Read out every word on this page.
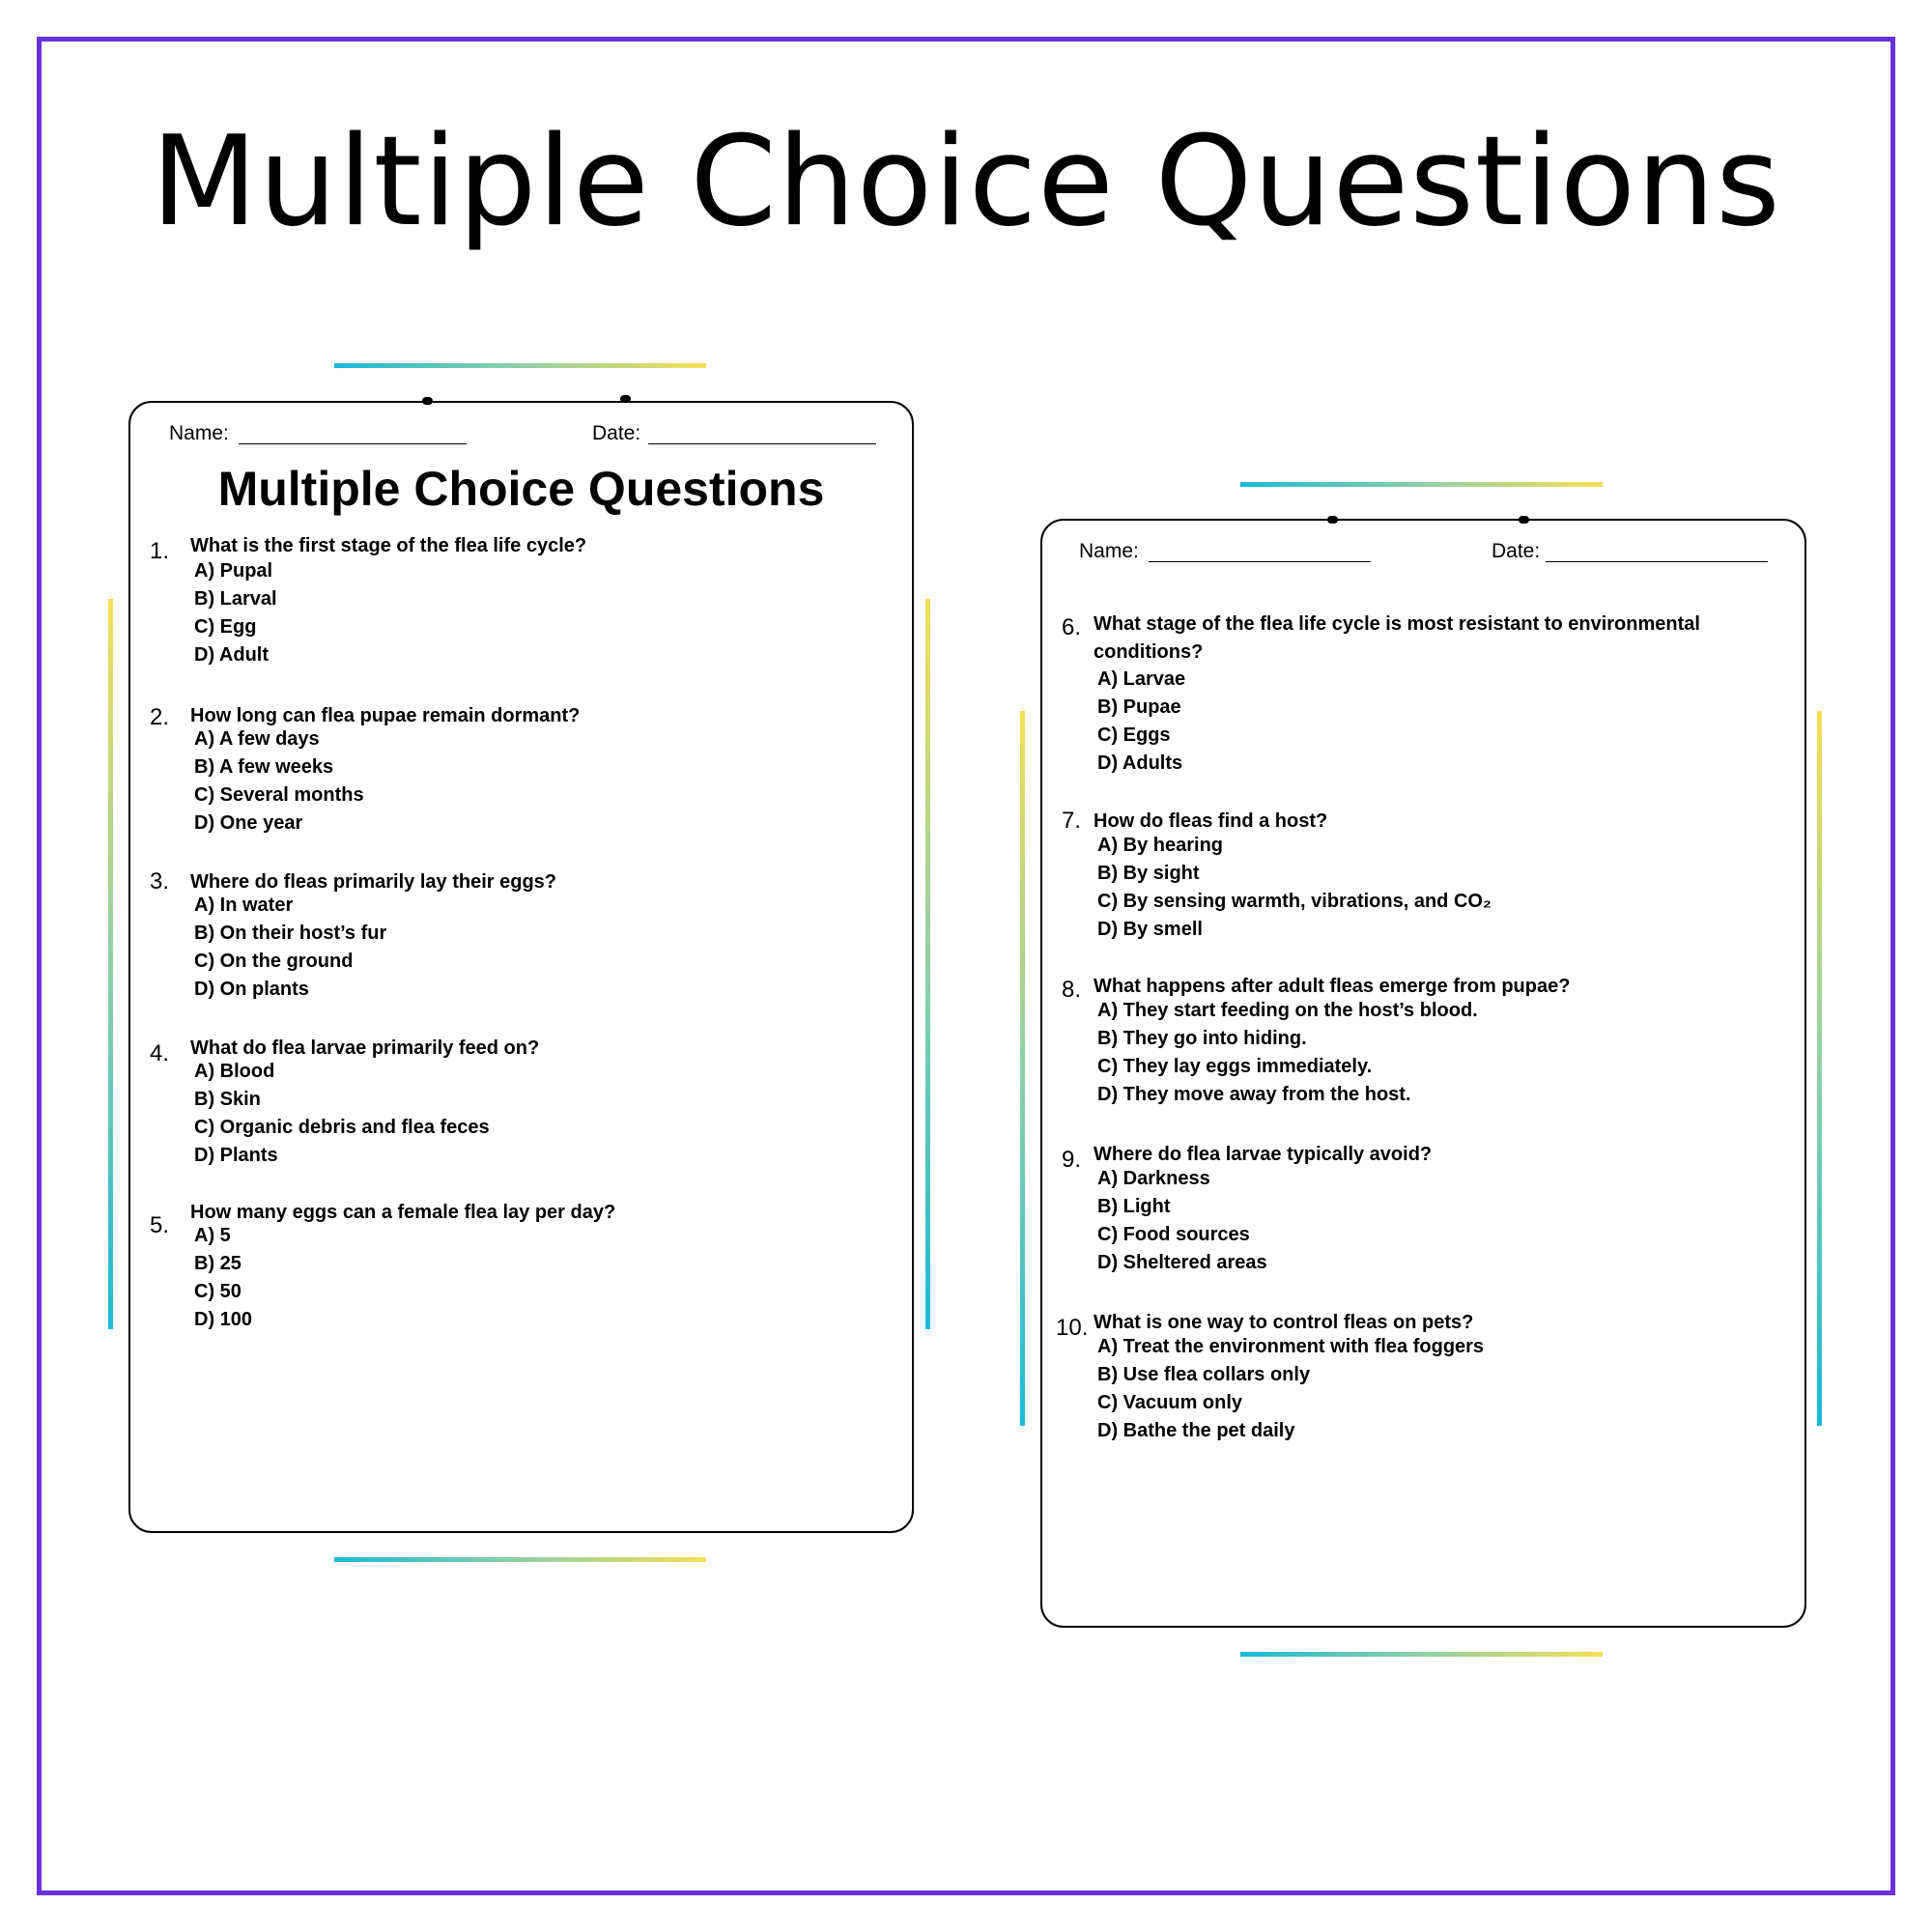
Multiple Choice Questions
Name:	Date:
Multiple Choice Questions
1. What is the first stage of the flea life cycle?
A) Pupal
B) Larval
C) Egg
D) Adult
2. How long can flea pupae remain dormant?
A) A few days
B) A few weeks
C) Several months
D) One year
3. Where do fleas primarily lay their eggs?
A) In water
B) On their host’s fur
C) On the ground
D) On plants
4. What do flea larvae primarily feed on?
A) Blood
B) Skin
C) Organic debris and flea feces
D) Plants
5. How many eggs can a female flea lay per day?
A) 5
B) 25
C) 50
D) 100
Name:	Date:
6. What stage of the flea life cycle is most resistant to environmental
conditions?
A) Larvae
B) Pupae
C) Eggs
D) Adults
7. How do fleas find a host?
A) By hearing
B) By sight
C) By sensing warmth, vibrations, and CO₂
D) By smell
8. What happens after adult fleas emerge from pupae?
A) They start feeding on the host’s blood.
B) They go into hiding.
C) They lay eggs immediately.
D) They move away from the host.
9. Where do flea larvae typically avoid?
A) Darkness
B) Light
C) Food sources
D) Sheltered areas
10. What is one way to control fleas on pets?
A) Treat the environment with flea foggers
B) Use flea collars only
C) Vacuum only
D) Bathe the pet daily
